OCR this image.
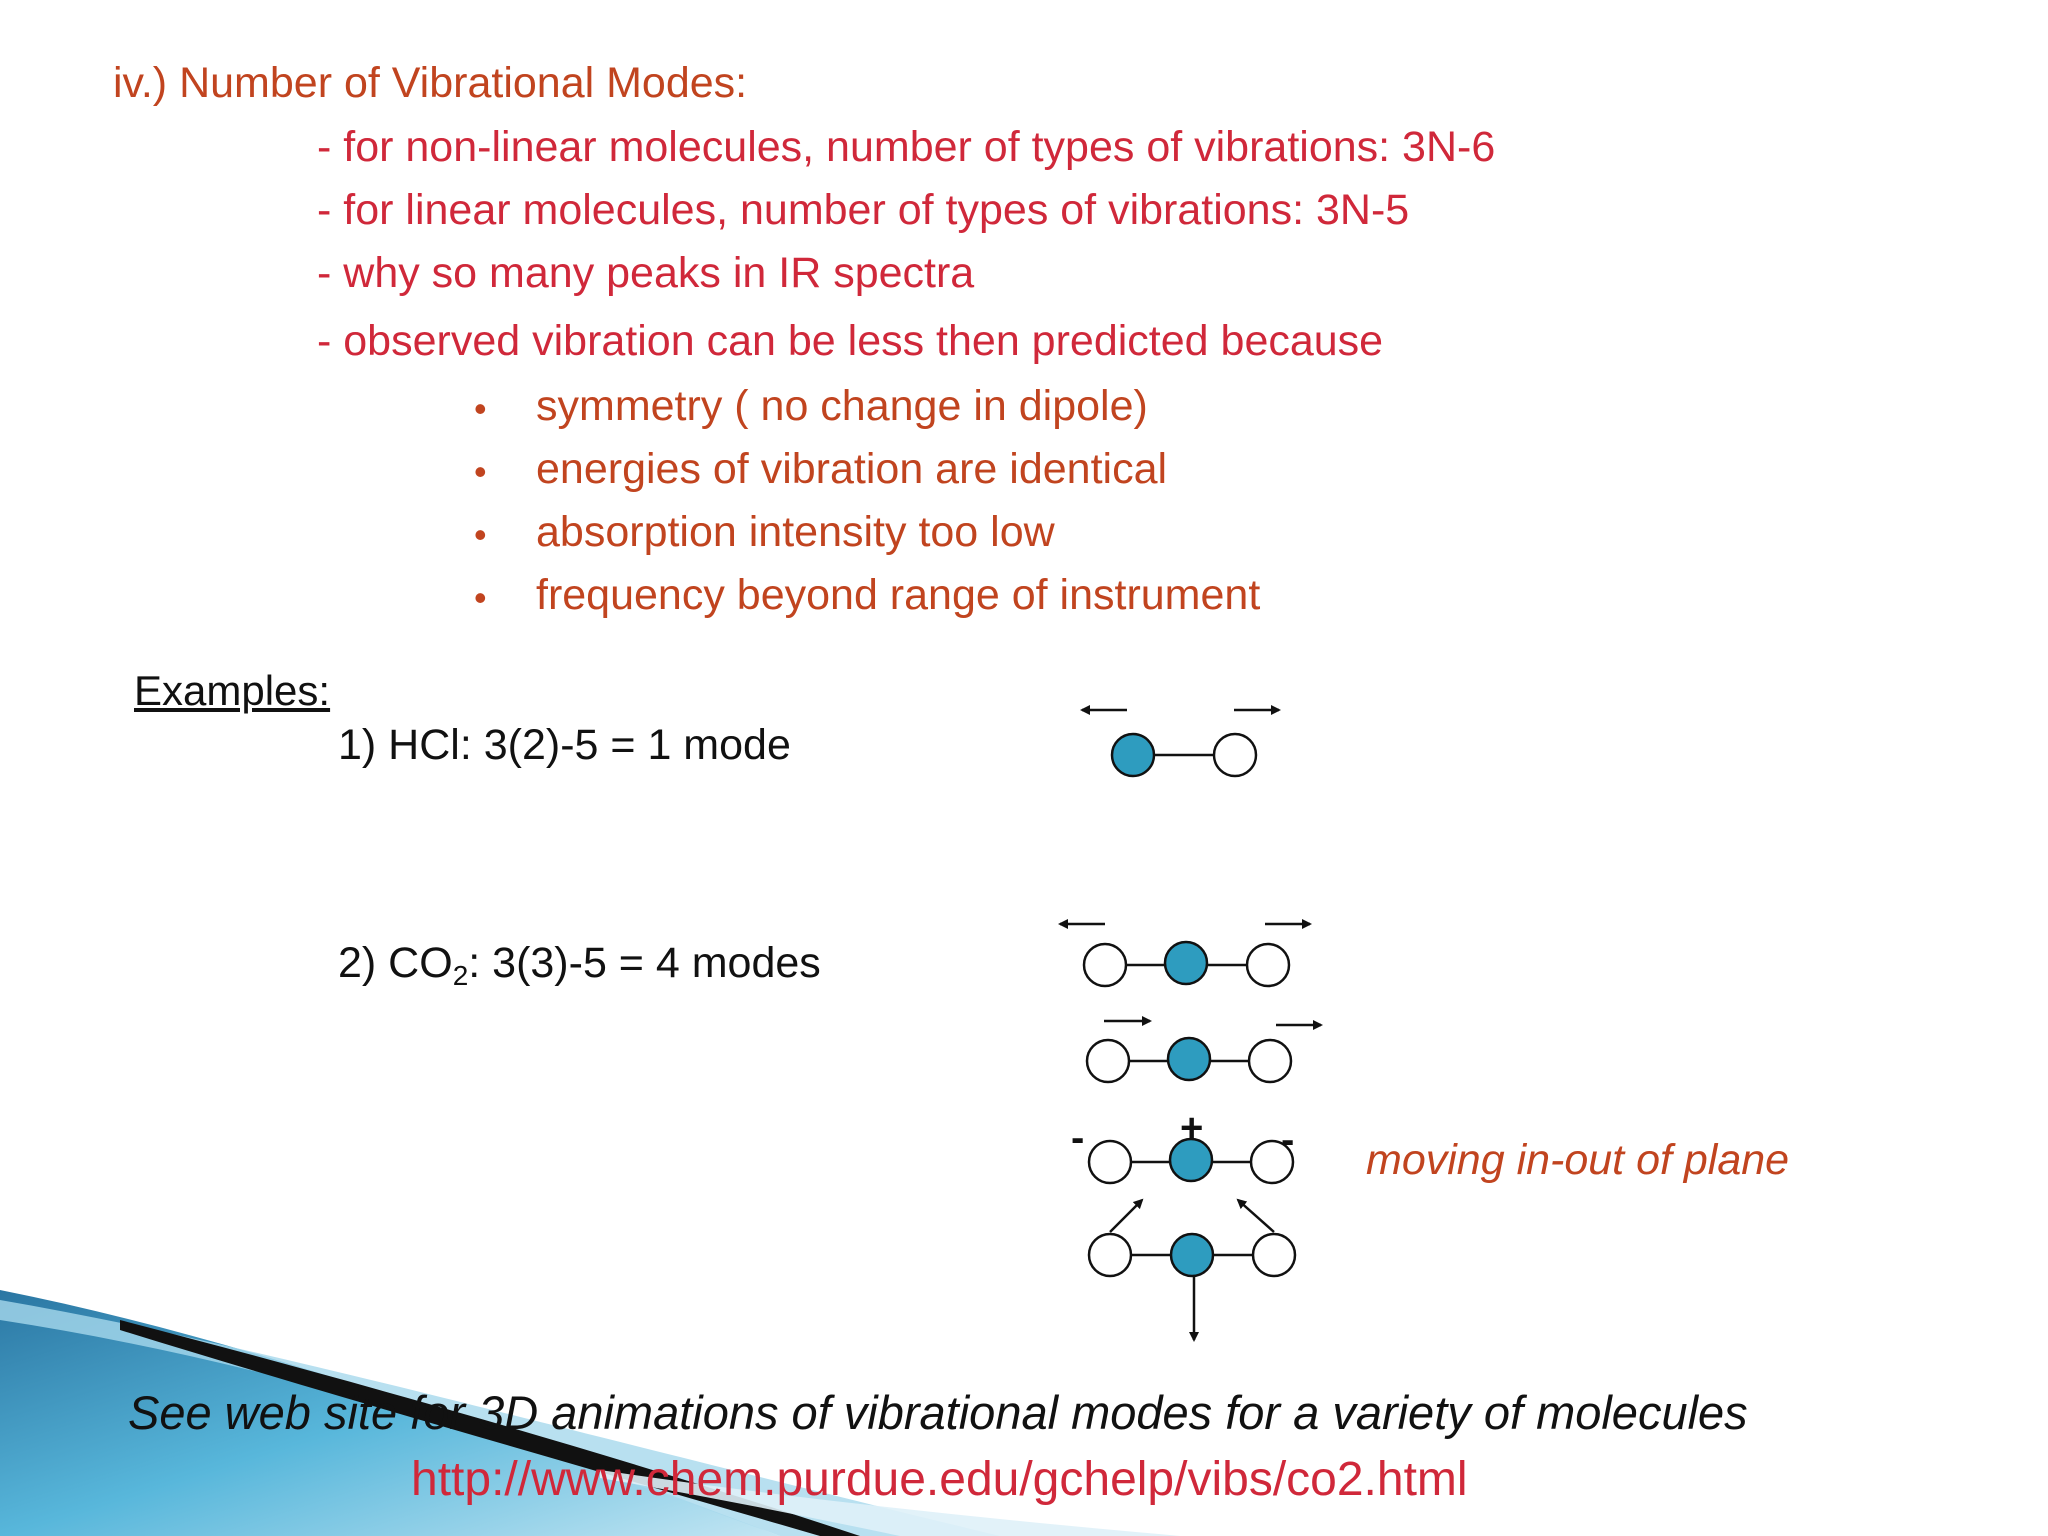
iv.) Number of Vibrational Modes:
- for non-linear molecules, number of types of vibrations: 3N-6
- for linear molecules, number of types of vibrations: 3N-5
- why so many peaks in IR spectra
- observed vibration can be less then predicted because
• symmetry ( no change in dipole)
• energies of vibration are identical
• absorption intensity too low
• frequency beyond range of instrument
Examples:
1) HCl: 3(2)-5 = 1 mode
2) $CO_2$: 3(3)-5 = 4 modes
+
-	- moving in-out of plane
See web site for 3D animations of vibrational modes for a variety of molecules
http://www.chem.purdue.edu/gchelp/vibs/co2.html
